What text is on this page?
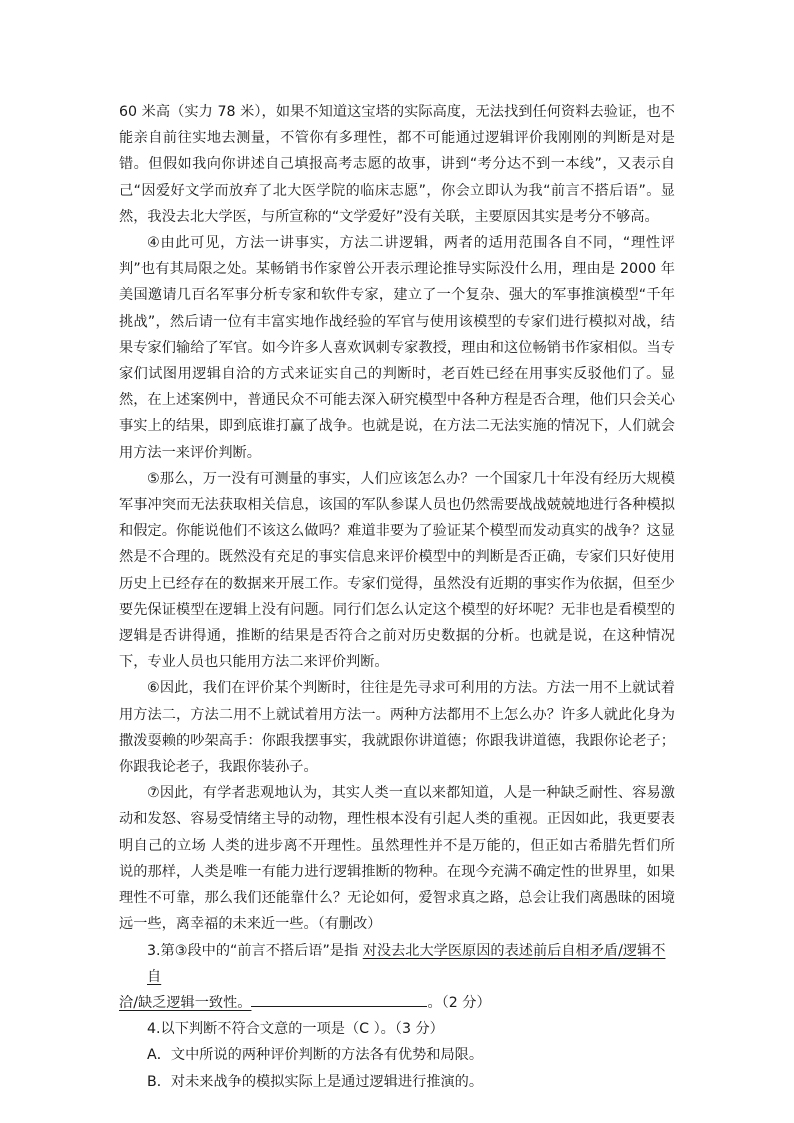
60 米高（实力 78 米），如果不知道这宝塔的实际高度，无法找到任何资料去验证，也不能亲自前往实地去测量，不管你有多理性，都不可能通过逻辑评价我刚刚的判断是对是错。但假如我向你讲述自己填报高考志愿的故事，讲到“考分达不到一本线”，又表示自己“因爱好文学而放弃了北大医学院的临床志愿”，你会立即认为我“前言不搭后语”。显然，我没去北大学医，与所宣称的“文学爱好”没有关联，主要原因其实是考分不够高。

④由此可见，方法一讲事实，方法二讲逻辑，两者的适用范围各自不同，“理性评判”也有其局限之处。某畅销书作家曾公开表示理论推导实际没什么用，理由是 2000 年美国邀请几百名军事分析专家和软件专家，建立了一个复杂、强大的军事推演模型“千年挑战”，然后请一位有丰富实地作战经验的军官与使用该模型的专家们进行模拟对战，结果专家们输给了军官。如今许多人喜欢讽刺专家教授，理由和这位畅销书作家相似。当专家们试图用逻辑自洽的方式来证实自己的判断时，老百姓已经在用事实反驳他们了。显然，在上述案例中，普通民众不可能去深入研究模型中各种方程是否合理，他们只会关心事实上的结果，即到底谁打赢了战争。也就是说，在方法二无法实施的情况下，人们就会用方法一来评价判断。

⑤那么，万一没有可测量的事实，人们应该怎么办？一个国家几十年没有经历大规模军事冲突而无法获取相关信息，该国的军队参谋人员也仍然需要战战兢兢地进行各种模拟和假定。你能说他们不该这么做吗？难道非要为了验证某个模型而发动真实的战争？这显然是不合理的。既然没有充足的事实信息来评价模型中的判断是否正确，专家们只好使用历史上已经存在的数据来开展工作。专家们觉得，虽然没有近期的事实作为依据，但至少要先保证模型在逻辑上没有问题。同行们怎么认定这个模型的好坏呢？无非也是看模型的逻辑是否讲得通，推断的结果是否符合之前对历史数据的分析。也就是说，在这种情况下，专业人员也只能用方法二来评价判断。

⑥因此，我们在评价某个判断时，往往是先寻求可利用的方法。方法一用不上就试着用方法二，方法二用不上就试着用方法一。两种方法都用不上怎么办？许多人就此化身为撒泼耍赖的吵架高手：你跟我摆事实，我就跟你讲道德；你跟我讲道德，我跟你论老子；你跟我论老子，我跟你装孙子。

⑦因此，有学者悲观地认为，其实人类一直以来都知道，人是一种缺乏耐性、容易激动和发怒、容易受情绪主导的动物，理性根本没有引起人类的重视。正因如此，我更要表明自己的立场 人类的进步离不开理性。虽然理性并不是万能的，但正如古希腊先哲们所说的那样，人类是唯一有能力进行逻辑推断的物种。在现今充满不确定性的世界里，如果理性不可靠，那么我们还能靠什么？无论如何，爱智求真之路，总会让我们离愚昧的困境远一些，离幸福的未来近一些。（有删改）

3.第③段中的“前言不搭后语”是指 对没去北大学医原因的表述前后自相矛盾/逻辑不自

洽/缺乏逻辑一致性。	。（2 分）

4.以下判断不符合文意的一项是（C ）。（3 分）

A．文中所说的两种评价判断的方法各有优势和局限。

B．对未来战争的模拟实际上是通过逻辑进行推演的。
